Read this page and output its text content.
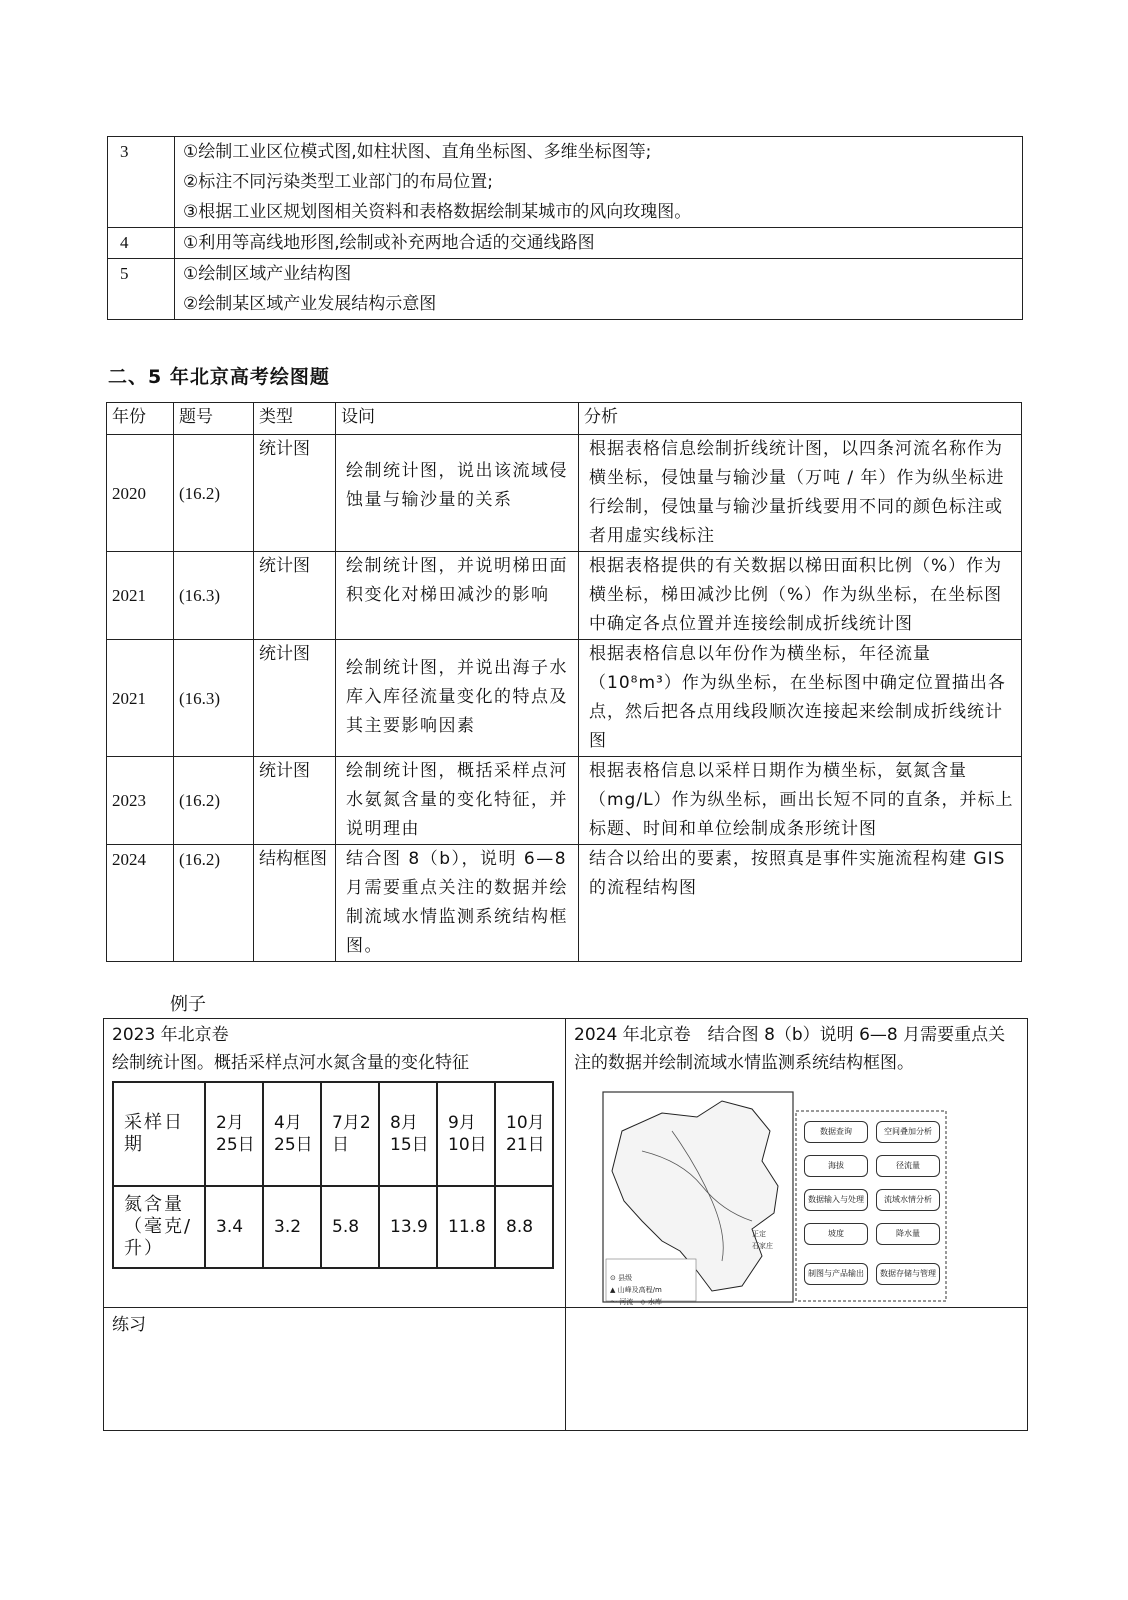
3	①绘制工业区位模式图,如柱状图、直角坐标图、多维坐标图等;
②标注不同污染类型工业部门的布局位置;
③根据工业区规划图相关资料和表格数据绘制某城市的风向玫瑰图。

4	①利用等高线地形图,绘制或补充两地合适的交通线路图

5	①绘制区域产业结构图
②绘制某区域产业发展结构示意图
二、5 年北京高考绘图题
年份	题号	类型	设问	分析
2020	(16.2)	统计图	绘制统计图，说出该流域侵蚀量与输沙量的关系	根据表格信息绘制折线统计图，以四条河流名称作为横坐标，侵蚀量与输沙量（万吨 / 年）作为纵坐标进行绘制，侵蚀量与输沙量折线要用不同的颜色标注或者用虚实线标注
2021	(16.3)	统计图	绘制统计图，并说明梯田面积变化对梯田减沙的影响	根据表格提供的有关数据以梯田面积比例（%）作为横坐标，梯田减沙比例（%）作为纵坐标，在坐标图中确定各点位置并连接绘制成折线统计图
2021	(16.3)	统计图	绘制统计图，并说出海子水库入库径流量变化的特点及其主要影响因素	根据表格信息以年份作为横坐标，年径流量（10⁸m³）作为纵坐标，在坐标图中确定位置描出各点，然后把各点用线段顺次连接起来绘制成折线统计图
2023	(16.2)	统计图	绘制统计图，概括采样点河水氨氮含量的变化特征，并说明理由	根据表格信息以采样日期作为横坐标，氨氮含量（mg/L）作为纵坐标，画出长短不同的直条，并标上标题、时间和单位绘制成条形统计图
2024	(16.2)	结构框图	结合图 8（b），说明 6—8 月需要重点关注的数据并绘制流域水情监测系统结构框图。	结合以给出的要素，按照真是事件实施流程构建 GIS 的流程结构图
例子
2023 年北京卷
绘制统计图。概括采样点河水氮含量的变化特征
采样日期	2月25日	4月25日	7月2日	8月15日	9月10日	10月21日
氮含量（毫克/升）	3.4	3.2	5.8	13.9	11.8	8.8

2024 年北京卷　结合图 8（b）说明 6—8 月需要重点关注的数据并绘制流域水情监测系统结构框图。
正定
石家庄
⊙ 县级
▲ 山峰及高程/m
～ 河流　◇ 水库
数据查询	空间叠加分析
海拔	径流量
数据输入与处理	流域水情分析
坡度	降水量
制图与产品输出	数据存储与管理

练习
